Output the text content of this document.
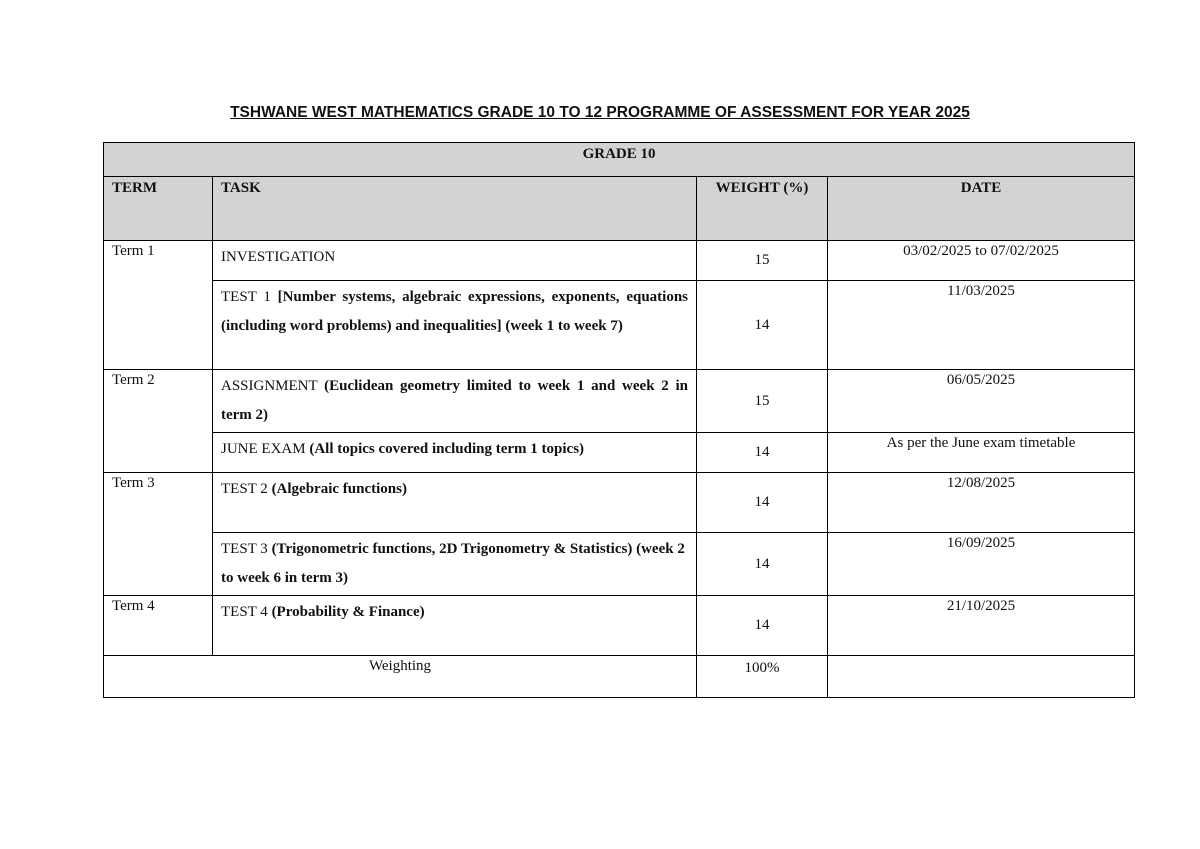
TSHWANE WEST MATHEMATICS GRADE 10 TO 12 PROGRAMME OF ASSESSMENT FOR YEAR 2025
GRADE 10			
TERM	TASK	WEIGHT (%)	DATE
Term 1	INVESTIGATION	15	03/02/2025 to 07/02/2025
	TEST 1 [Number systems, algebraic expressions, exponents, equations (including word problems) and inequalities] (week 1 to week 7)	14	11/03/2025
Term 2	ASSIGNMENT (Euclidean geometry limited to week 1 and week 2 in term 2)	15	06/05/2025
	JUNE EXAM (All topics covered including term 1 topics)	14	As per the June exam timetable
Term 3	TEST 2 (Algebraic functions)	14	12/08/2025
	TEST 3 (Trigonometric functions, 2D Trigonometry & Statistics) (week 2 to week 6 in term 3)	14	16/09/2025
Term 4	TEST 4 (Probability & Finance)	14	21/10/2025
Weighting		100%	
